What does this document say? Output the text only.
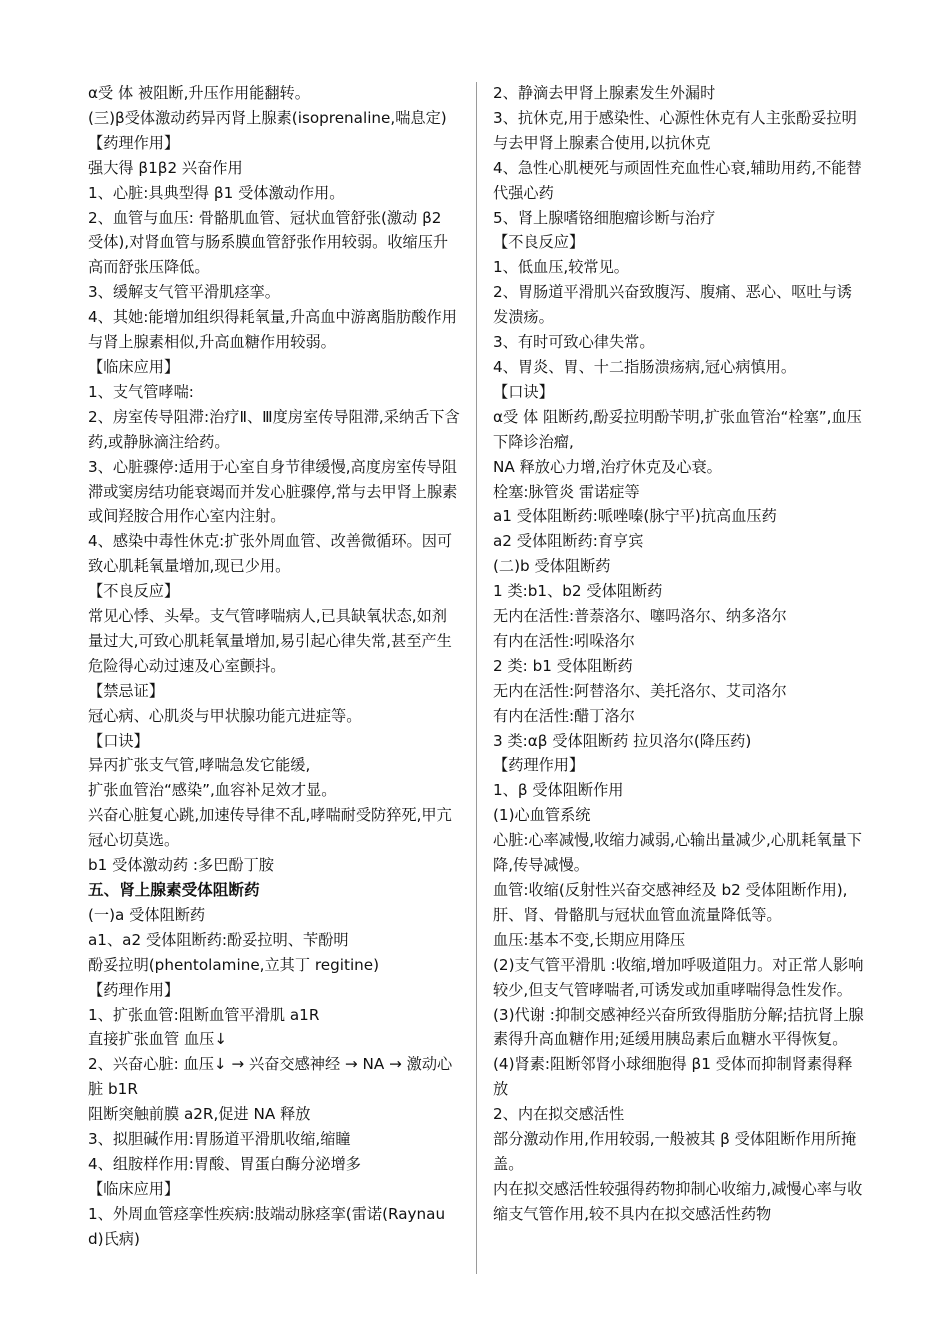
α受 体 被阻断,升压作用能翻转。

(三)β受体激动药异丙肾上腺素(isoprenaline,喘息定)

【药理作用】

强大得 β1β2 兴奋作用

1、心脏:具典型得 β1 受体激动作用。

2、血管与血压: 骨骼肌血管、冠状血管舒张(激动 β2 受体),对肾血管与肠系膜血管舒张作用较弱。收缩压升高而舒张压降低。

3、缓解支气管平滑肌痉挛。

4、其她:能增加组织得耗氧量,升高血中游离脂肪酸作用与肾上腺素相似,升高血糖作用较弱。

【临床应用】

1、支气管哮喘:

2、房室传导阻滞:治疗Ⅱ、Ⅲ度房室传导阻滞,采纳舌下含药,或静脉滴注给药。

3、心脏骤停:适用于心室自身节律缓慢,高度房室传导阻滞或窦房结功能衰竭而并发心脏骤停,常与去甲肾上腺素或间羟胺合用作心室内注射。

4、感染中毒性休克:扩张外周血管、改善微循环。因可致心肌耗氧量增加,现已少用。

【不良反应】

常见心悸、头晕。支气管哮喘病人,已具缺氧状态,如剂量过大,可致心肌耗氧量增加,易引起心律失常,甚至产生危险得心动过速及心室颤抖。

【禁忌证】

冠心病、心肌炎与甲状腺功能亢进症等。

【口诀】

异丙扩张支气管,哮喘急发它能缓,

扩张血管治“感染”,血容补足效才显。

兴奋心脏复心跳,加速传导律不乱,哮喘耐受防猝死,甲亢冠心切莫选。

b1 受体激动药 :多巴酚丁胺

五、肾上腺素受体阻断药

(一)a 受体阻断药

a1、a2 受体阻断药:酚妥拉明、苄酚明

酚妥拉明(phentolamine,立其丁 regitine)

【药理作用】

1、扩张血管:阻断血管平滑肌 a1R

直接扩张血管 血压↓

2、兴奋心脏: 血压↓ → 兴奋交感神经 → NA → 激动心脏 b1R

阻断突触前膜 a2R,促进 NA 释放

3、拟胆碱作用:胃肠道平滑肌收缩,缩瞳

4、组胺样作用:胃酸、胃蛋白酶分泌增多

【临床应用】

1、外周血管痉挛性疾病:肢端动脉痉挛(雷诺(Raynaud)氏病)

2、静滴去甲肾上腺素发生外漏时

3、抗休克,用于感染性、心源性休克有人主张酚妥拉明与去甲肾上腺素合使用,以抗休克

4、急性心肌梗死与顽固性充血性心衰,辅助用药,不能替代强心药

5、肾上腺嗜铬细胞瘤诊断与治疗

【不良反应】

1、低血压,较常见。

2、胃肠道平滑肌兴奋致腹泻、腹痛、恶心、呕吐与诱发溃疡。

3、有时可致心律失常。

4、胃炎、胃、十二指肠溃疡病,冠心病慎用。

【口诀】

α受 体 阻断药,酚妥拉明酚苄明,扩张血管治“栓塞”,血压下降诊治瘤,

NA 释放心力增,治疗休克及心衰。

栓塞:脉管炎 雷诺症等

a1 受体阻断药:哌唑嗪(脉宁平)抗高血压药

a2 受体阻断药:育亨宾

(二)b 受体阻断药

1 类:b1、b2 受体阻断药

无内在活性:普萘洛尔、噻吗洛尔、纳多洛尔

有内在活性:吲哚洛尔

2 类: b1 受体阻断药

无内在活性:阿替洛尔、美托洛尔、艾司洛尔

有内在活性:醋丁洛尔

3 类:αβ 受体阻断药 拉贝洛尔(降压药)

【药理作用】

1、β 受体阻断作用

(1)心血管系统

心脏:心率减慢,收缩力减弱,心输出量减少,心肌耗氧量下降,传导减慢。

血管:收缩(反射性兴奋交感神经及 b2 受体阻断作用),肝、肾、骨骼肌与冠状血管血流量降低等。

血压:基本不变,长期应用降压

(2)支气管平滑肌 :收缩,增加呼吸道阻力。对正常人影响较少,但支气管哮喘者,可诱发或加重哮喘得急性发作。

(3)代谢 :抑制交感神经兴奋所致得脂肪分解;拮抗肾上腺素得升高血糖作用;延缓用胰岛素后血糖水平得恢复。

(4)肾素:阻断邻肾小球细胞得 β1 受体而抑制肾素得释放

2、内在拟交感活性

部分激动作用,作用较弱,一般被其 β 受体阻断作用所掩盖。

内在拟交感活性较强得药物抑制心收缩力,减慢心率与收缩支气管作用,较不具内在拟交感活性药物
